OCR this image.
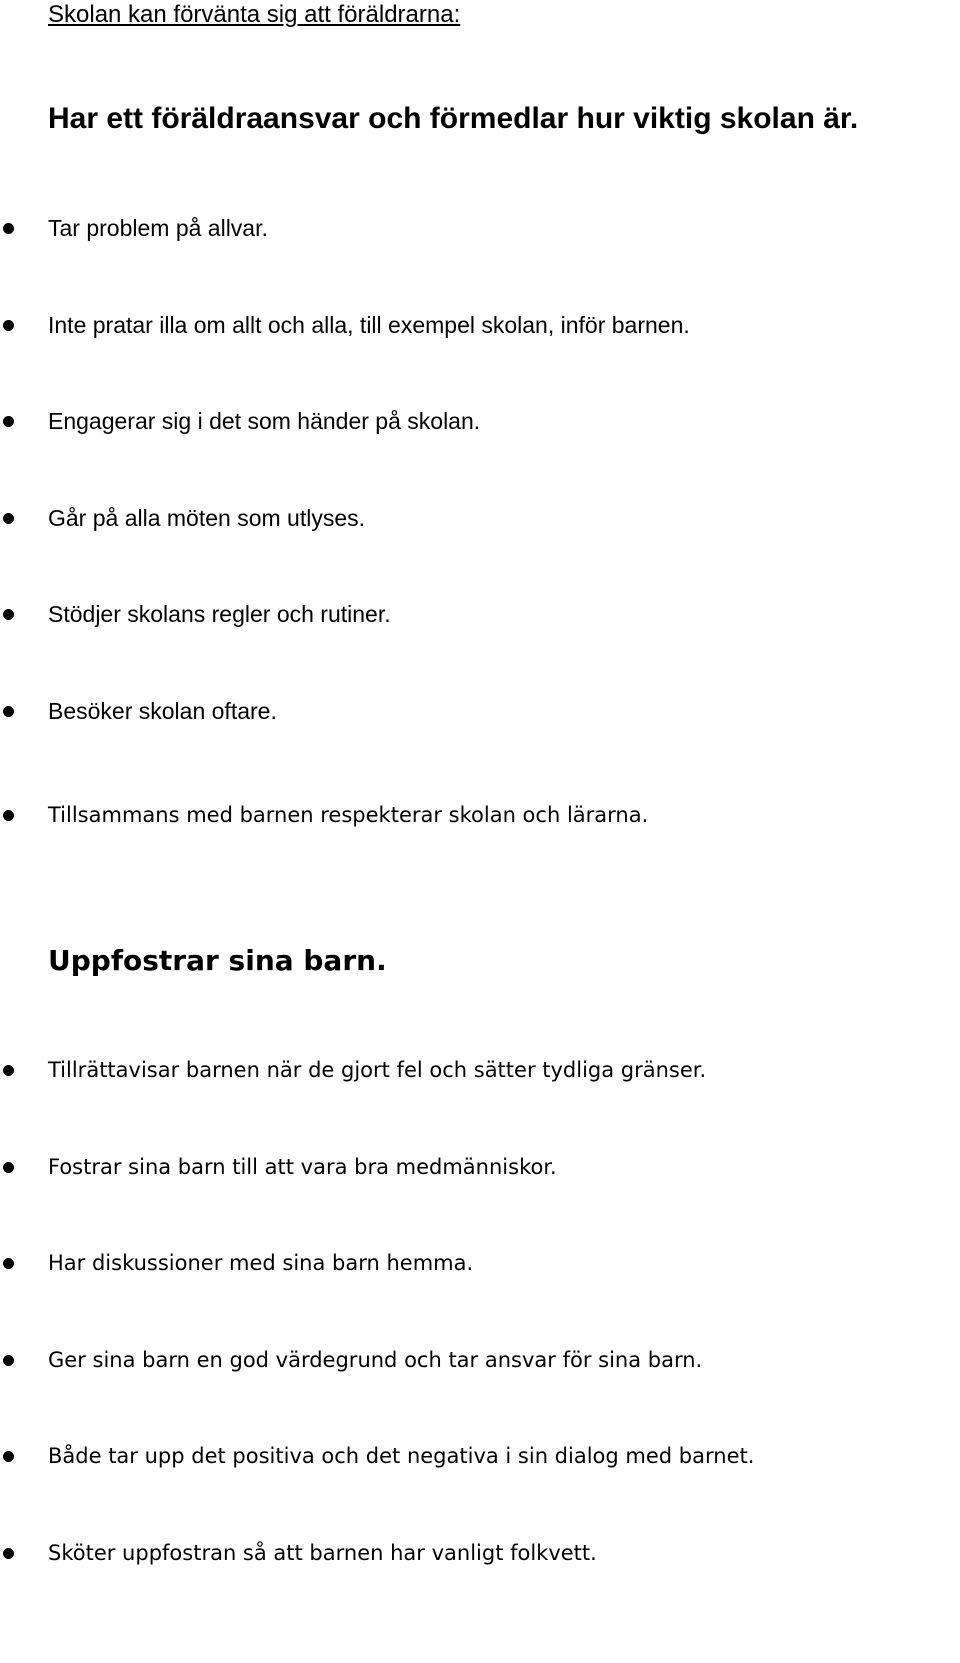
Skolan kan förvänta sig att föräldrarna:
Har ett föräldraansvar och förmedlar hur viktig skolan är.
Tar problem på allvar.
Inte pratar illa om allt och alla, till exempel skolan, inför barnen.
Engagerar sig i det som händer på skolan.
Går på alla möten som utlyses.
Stödjer skolans regler och rutiner.
Besöker skolan oftare.
Tillsammans med barnen respekterar skolan och lärarna.
Uppfostrar sina barn.
Tillrättavisar barnen när de gjort fel och sätter tydliga gränser.
Fostrar sina barn till att vara bra medmänniskor.
Har diskussioner med sina barn hemma.
Ger sina barn en god värdegrund och tar ansvar för sina barn.
Både tar upp det positiva och det negativa i sin dialog med barnet.
Sköter uppfostran så att barnen har vanligt folkvett.
